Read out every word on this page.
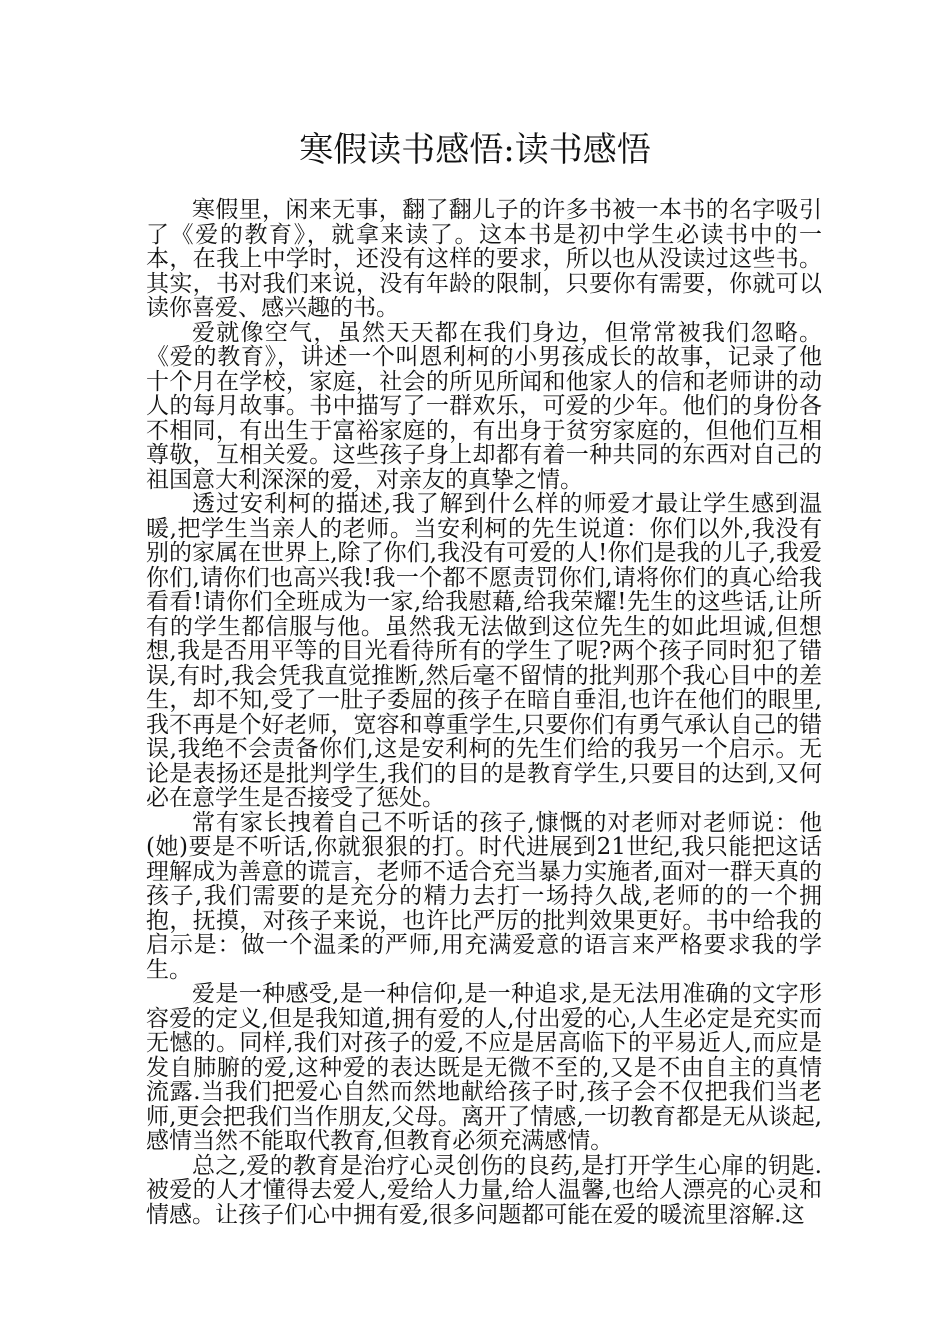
寒假读书感悟:读书感悟

寒假里，闲来无事，翻了翻儿子的许多书被一本书的名字吸引了《爱的教育》，就拿来读了。这本书是初中学生必读书中的一本，在我上中学时，还没有这样的要求，所以也从没读过这些书。其实，书对我们来说，没有年龄的限制，只要你有需要，你就可以读你喜爱、感兴趣的书。

爱就像空气，虽然天天都在我们身边，但常常被我们忽略。《爱的教育》，讲述一个叫恩利柯的小男孩成长的故事，记录了他十个月在学校，家庭，社会的所见所闻和他家人的信和老师讲的动人的每月故事。书中描写了一群欢乐，可爱的少年。他们的身份各不相同，有出生于富裕家庭的，有出身于贫穷家庭的，但他们互相尊敬，互相关爱。这些孩子身上却都有着一种共同的东西对自己的祖国意大利深深的爱，对亲友的真挚之情。

透过安利柯的描述,我了解到什么样的师爱才最让学生感到温暖,把学生当亲人的老师。当安利柯的先生说道：你们以外,我没有别的家属在世界上,除了你们,我没有可爱的人!你们是我的儿子,我爱你们,请你们也高兴我!我一个都不愿责罚你们,请将你们的真心给我看看!请你们全班成为一家,给我慰藉,给我荣耀!先生的这些话,让所有的学生都信服与他。虽然我无法做到这位先生的如此坦诚,但想想,我是否用平等的目光看待所有的学生了呢?两个孩子同时犯了错误,有时,我会凭我直觉推断,然后毫不留情的批判那个我心目中的差生，却不知,受了一肚子委屈的孩子在暗自垂泪,也许在他们的眼里,我不再是个好老师，宽容和尊重学生,只要你们有勇气承认自己的错误,我绝不会责备你们,这是安利柯的先生们给的我另一个启示。无论是表扬还是批判学生,我们的目的是教育学生,只要目的达到,又何必在意学生是否接受了惩处。

常有家长拽着自己不听话的孩子,慷慨的对老师对老师说：他(她)要是不听话,你就狠狠的打。时代进展到21世纪,我只能把这话理解成为善意的谎言，老师不适合充当暴力实施者,面对一群天真的孩子,我们需要的是充分的精力去打一场持久战,老师的的一个拥抱，抚摸，对孩子来说，也许比严厉的批判效果更好。书中给我的启示是：做一个温柔的严师,用充满爱意的语言来严格要求我的学生。

爱是一种感受,是一种信仰,是一种追求,是无法用准确的文字形容爱的定义,但是我知道,拥有爱的人,付出爱的心,人生必定是充实而无憾的。同样,我们对孩子的爱,不应是居高临下的平易近人,而应是发自肺腑的爱,这种爱的表达既是无微不至的,又是不由自主的真情流露.当我们把爱心自然而然地献给孩子时,孩子会不仅把我们当老师,更会把我们当作朋友,父母。离开了情感,一切教育都是无从谈起,感情当然不能取代教育,但教育必须充满感情。

总之,爱的教育是治疗心灵创伤的良药,是打开学生心扉的钥匙.被爱的人才懂得去爱人,爱给人力量,给人温馨,也给人漂亮的心灵和情感。让孩子们心中拥有爱,很多问题都可能在爱的暖流里溶解.这
